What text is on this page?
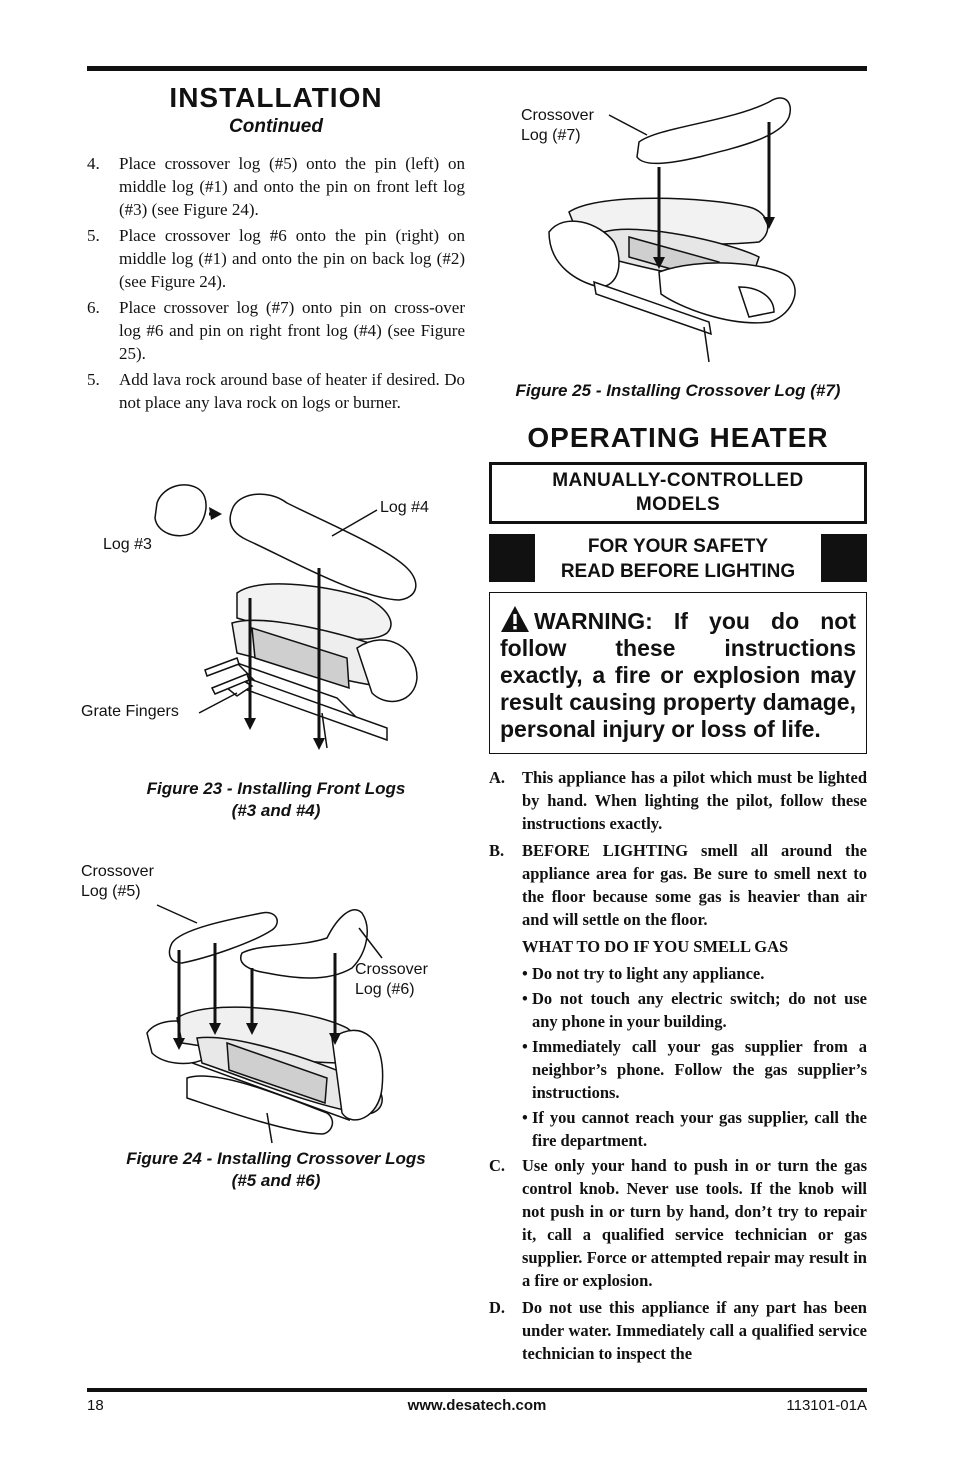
INSTALLATION
Continued
4. Place crossover log (#5) onto the pin (left) on middle log (#1) and onto the pin on front left log (#3) (see Figure 24).
5. Place crossover log #6 onto the pin (right) on middle log (#1) and onto the pin on back log (#2) (see Figure 24).
6. Place crossover log (#7) onto pin on cross-over log #6 and pin on right front log (#4) (see Figure 25).
5. Add lava rock around base of heater if desired. Do not place any lava rock on logs or burner.
Log #3
Log #4
Grate Fingers
Figure 23 - Installing Front Logs
(#3 and #4)
Crossover
Log (#5)
Crossover
Log (#6)
Figure 24 - Installing Crossover Logs
(#5 and #6)
Crossover
Log (#7)
Figure 25 - Installing Crossover Log (#7)
OPERATING HEATER
MANUALLY-CONTROLLED
MODELS
FOR YOUR SAFETY
READ BEFORE LIGHTING
WARNING: If you do not follow these instructions exactly, a fire or explosion may result causing property damage, personal injury or loss of life.
A. This appliance has a pilot which must be lighted by hand. When lighting the pilot, follow these instructions exactly.
B. BEFORE LIGHTING smell all around the appliance area for gas. Be sure to smell next to the floor because some gas is heavier than air and will settle on the floor.
WHAT TO DO IF YOU SMELL GAS
• Do not try to light any appliance.
• Do not touch any electric switch; do not use any phone in your building.
• Immediately call your gas supplier from a neighbor’s phone. Follow the gas supplier’s instructions.
• If you cannot reach your gas supplier, call the fire department.
C. Use only your hand to push in or turn the gas control knob. Never use tools. If the knob will not push in or turn by hand, don’t try to repair it, call a qualified service technician or gas supplier. Force or attempted repair may result in a fire or explosion.
D. Do not use this appliance if any part has been under water. Immediately call a qualified service technician to inspect the
18	www.desatech.com	113101-01A
